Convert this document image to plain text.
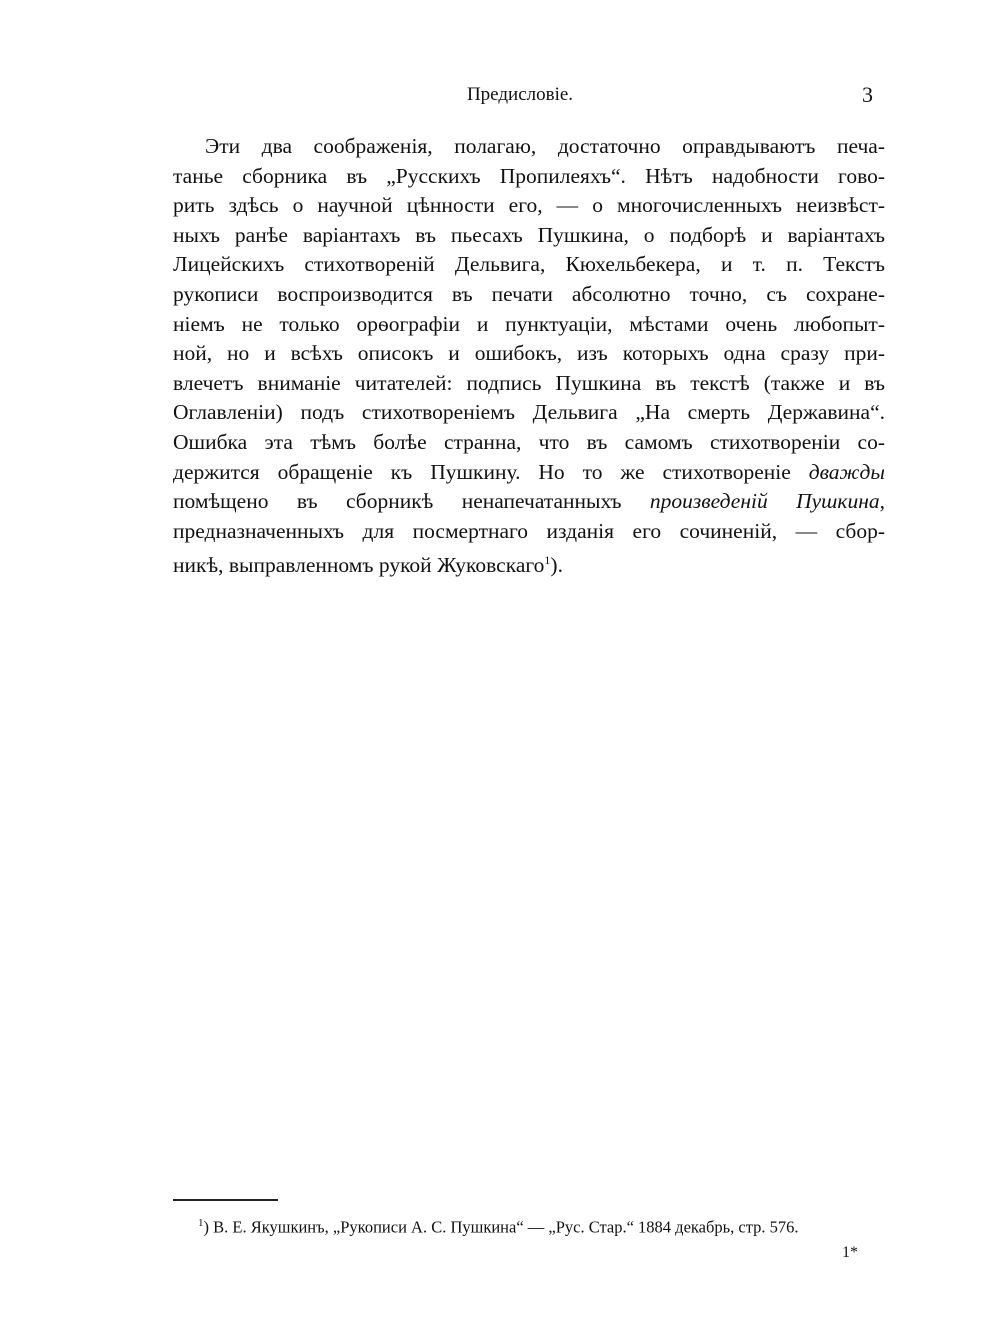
Предисловіе.	3
Эти два соображенія, полагаю, достаточно оправдываютъ печа-
танье сборника въ „Русскихъ Пропилеяхъ“. Нѣтъ надобности гово-
рить здѣсь о научной цѣнности его, — о многочисленныхъ неизвѣст-
ныхъ ранѣе варіантахъ въ пьесахъ Пушкина, о подборѣ и варіантахъ
Лицейскихъ стихотвореній Дельвига, Кюхельбекера, и т. п. Текстъ
рукописи воспроизводится въ печати абсолютно точно, съ сохране-
ніемъ не только орѳографіи и пунктуаціи, мѣстами очень любопыт-
ной, но и всѣхъ описокъ и ошибокъ, изъ которыхъ одна сразу при-
влечетъ вниманіе читателей: подпись Пушкина въ текстѣ (также и въ
Оглавленіи) подъ стихотвореніемъ Дельвига „На смерть Державина“.
Ошибка эта тѣмъ болѣе странна, что въ самомъ стихотвореніи со-
держится обращеніе къ Пушкину. Но то же стихотвореніе дважды
помѣщено въ сборникѣ ненапечатанныхъ произведеній Пушкина,
предназначенныхъ для посмертнаго изданія его сочиненій, — сбор-
никѣ, выправленномъ рукой Жуковскаго$^1$).
$^1$) В. Е. Якушкинъ, „Рукописи А. С. Пушкина“ — „Рус. Стар.“ 1884 декабрь, стр. 576.
1*
